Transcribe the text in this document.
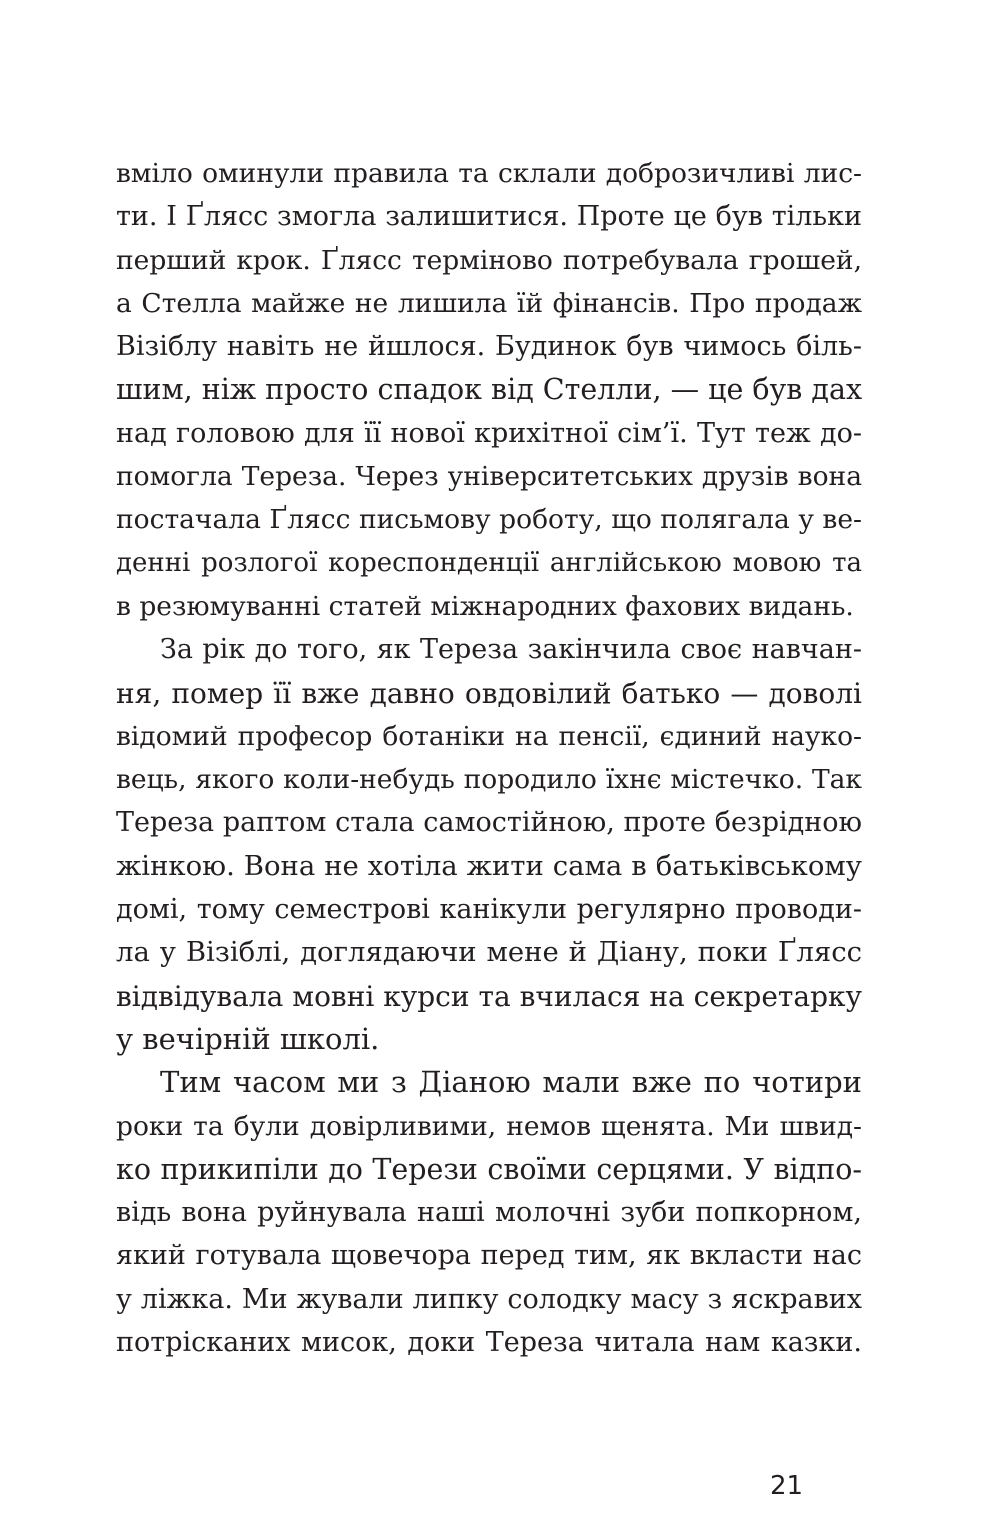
вміло оминули правила та склали доброзичливі лис-
ти. І Ґлясс змогла залишитися. Проте це був тільки
перший крок. Ґлясс терміново потребувала грошей,
а Стелла майже не лишила їй фінансів. Про продаж
Візіблу навіть не йшлося. Будинок був чимось біль-
шим, ніж просто спадок від Стелли, — це був дах
над головою для її нової крихітної сім’ї. Тут теж до-
помогла Тереза. Через університетських друзів вона
постачала Ґлясс письмову роботу, що полягала у ве-
денні розлогої кореспонденції англійською мовою та
в резюмуванні статей міжнародних фахових видань.
За рік до того, як Тереза закінчила своє навчан-
ня, помер її вже давно овдовілий батько — доволі
відомий професор ботаніки на пенсії, єдиний науко-
вець, якого коли-небудь породило їхнє містечко. Так
Тереза раптом стала самостійною, проте безрідною
жінкою. Вона не хотіла жити сама в батьківському
домі, тому семестрові канікули регулярно проводи-
ла у Візіблі, доглядаючи мене й Діану, поки Ґлясс
відвідувала мовні курси та вчилася на секретарку
у вечірній школі.
Тим часом ми з Діаною мали вже по чотири
роки та були довірливими, немов щенята. Ми швид-
ко прикипіли до Терези своїми серцями. У відпо-
відь вона руйнувала наші молочні зуби попкорном,
який готувала щовечора перед тим, як вкласти нас
у ліжка. Ми жували липку солодку масу з яскравих
потрісканих мисок, доки Тереза читала нам казки.
21
